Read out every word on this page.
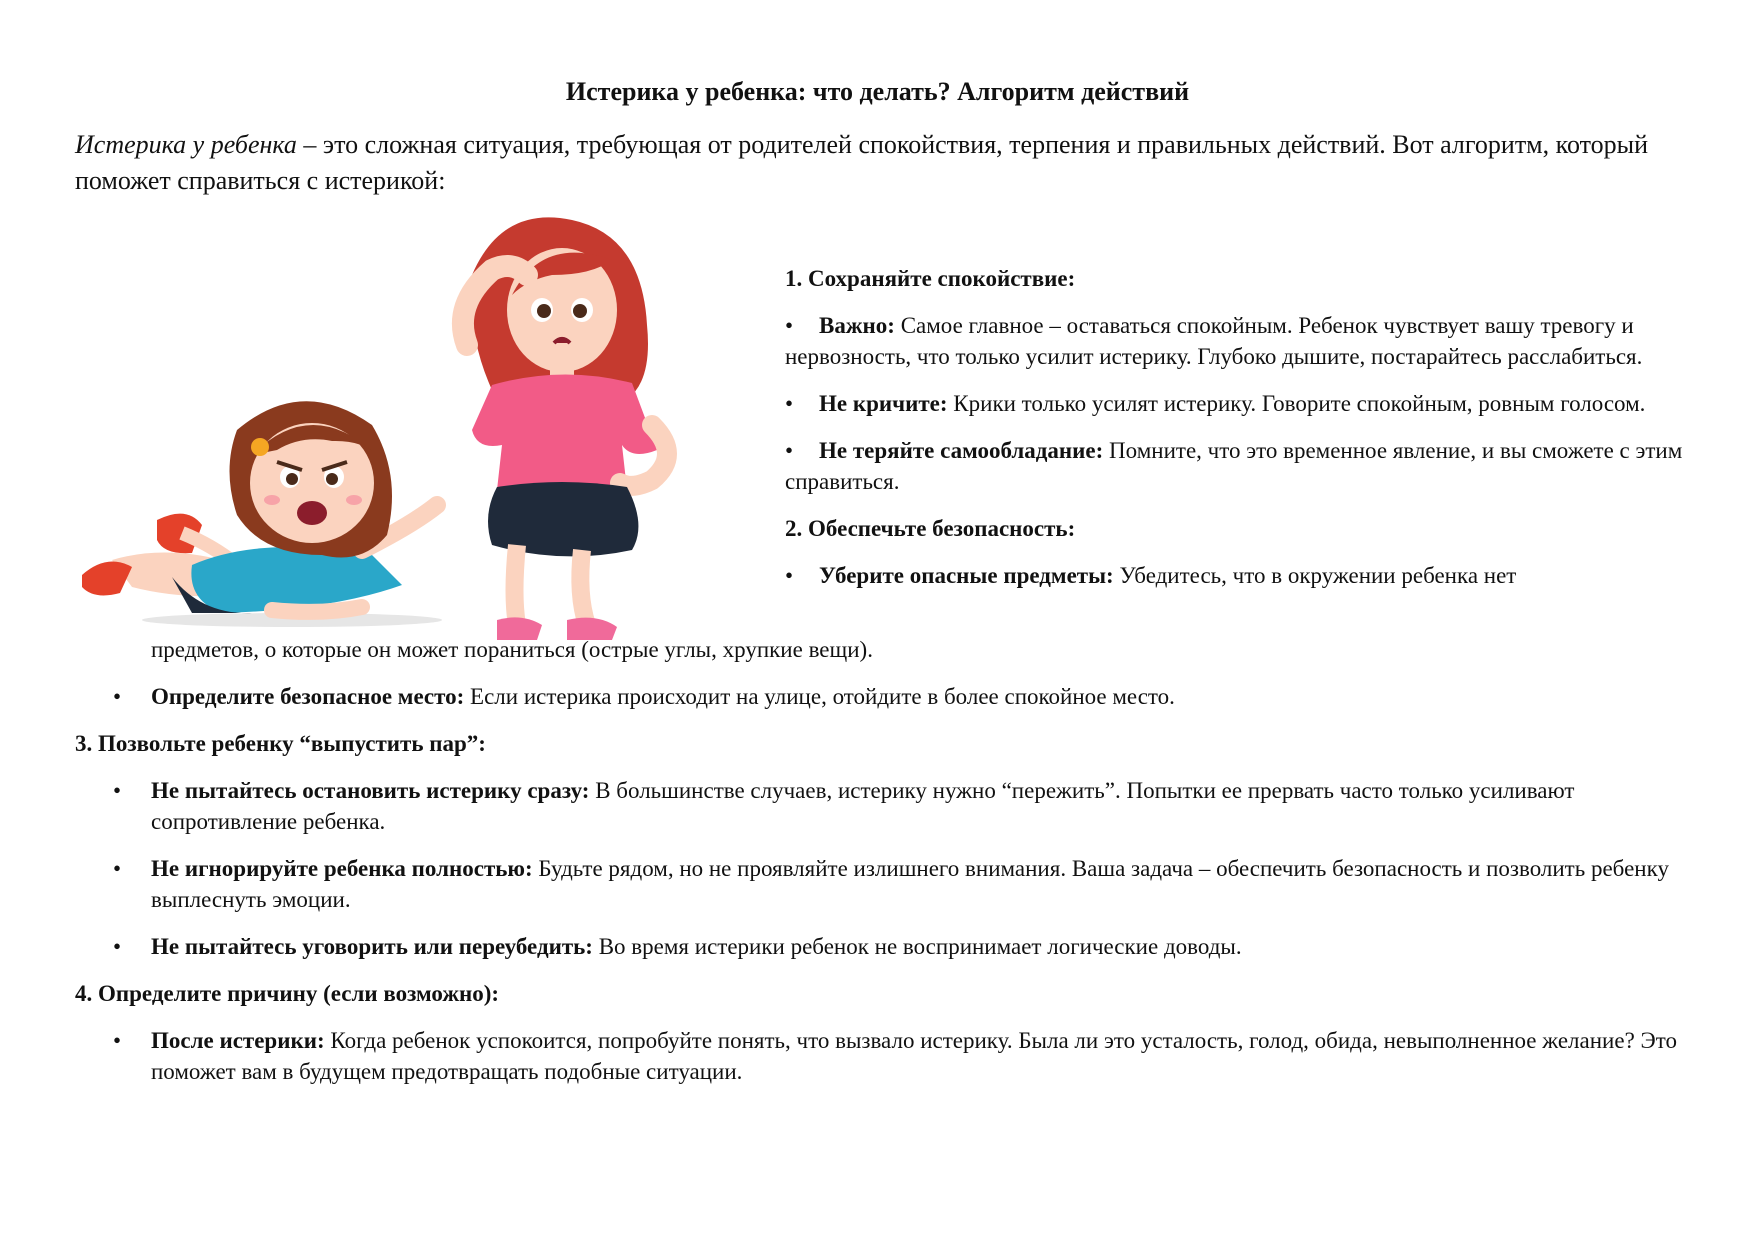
Истерика у ребенка: что делать? Алгоритм действий

Истерика у ребенка – это сложная ситуация, требующая от родителей спокойствия, терпения и правильных действий. Вот алгоритм, который поможет справиться с истерикой:

1. Сохраняйте спокойствие:

• Важно: Самое главное – оставаться спокойным. Ребенок чувствует вашу тревогу и нервозность, что только усилит истерику. Глубоко дышите, постарайтесь расслабиться.

• Не кричите: Крики только усилят истерику. Говорите спокойным, ровным голосом.

• Не теряйте самообладание: Помните, что это временное явление, и вы сможете с этим справиться.

2. Обеспечьте безопасность:

• Уберите опасные предметы: Убедитесь, что в окружении ребенка нет

предметов, о которые он может пораниться (острые углы, хрупкие вещи).

• Определите безопасное место: Если истерика происходит на улице, отойдите в более спокойное место.

3. Позвольте ребенку “выпустить пар”:

• Не пытайтесь остановить истерику сразу: В большинстве случаев, истерику нужно “пережить”. Попытки ее прервать часто только усиливают сопротивление ребенка.
• Не игнорируйте ребенка полностью: Будьте рядом, но не проявляйте излишнего внимания. Ваша задача – обеспечить безопасность и позволить ребенку выплеснуть эмоции.
• Не пытайтесь уговорить или переубедить: Во время истерики ребенок не воспринимает логические доводы.

4. Определите причину (если возможно):

• После истерики: Когда ребенок успокоится, попробуйте понять, что вызвало истерику. Была ли это усталость, голод, обида, невыполненное желание? Это поможет вам в будущем предотвращать подобные ситуации.
